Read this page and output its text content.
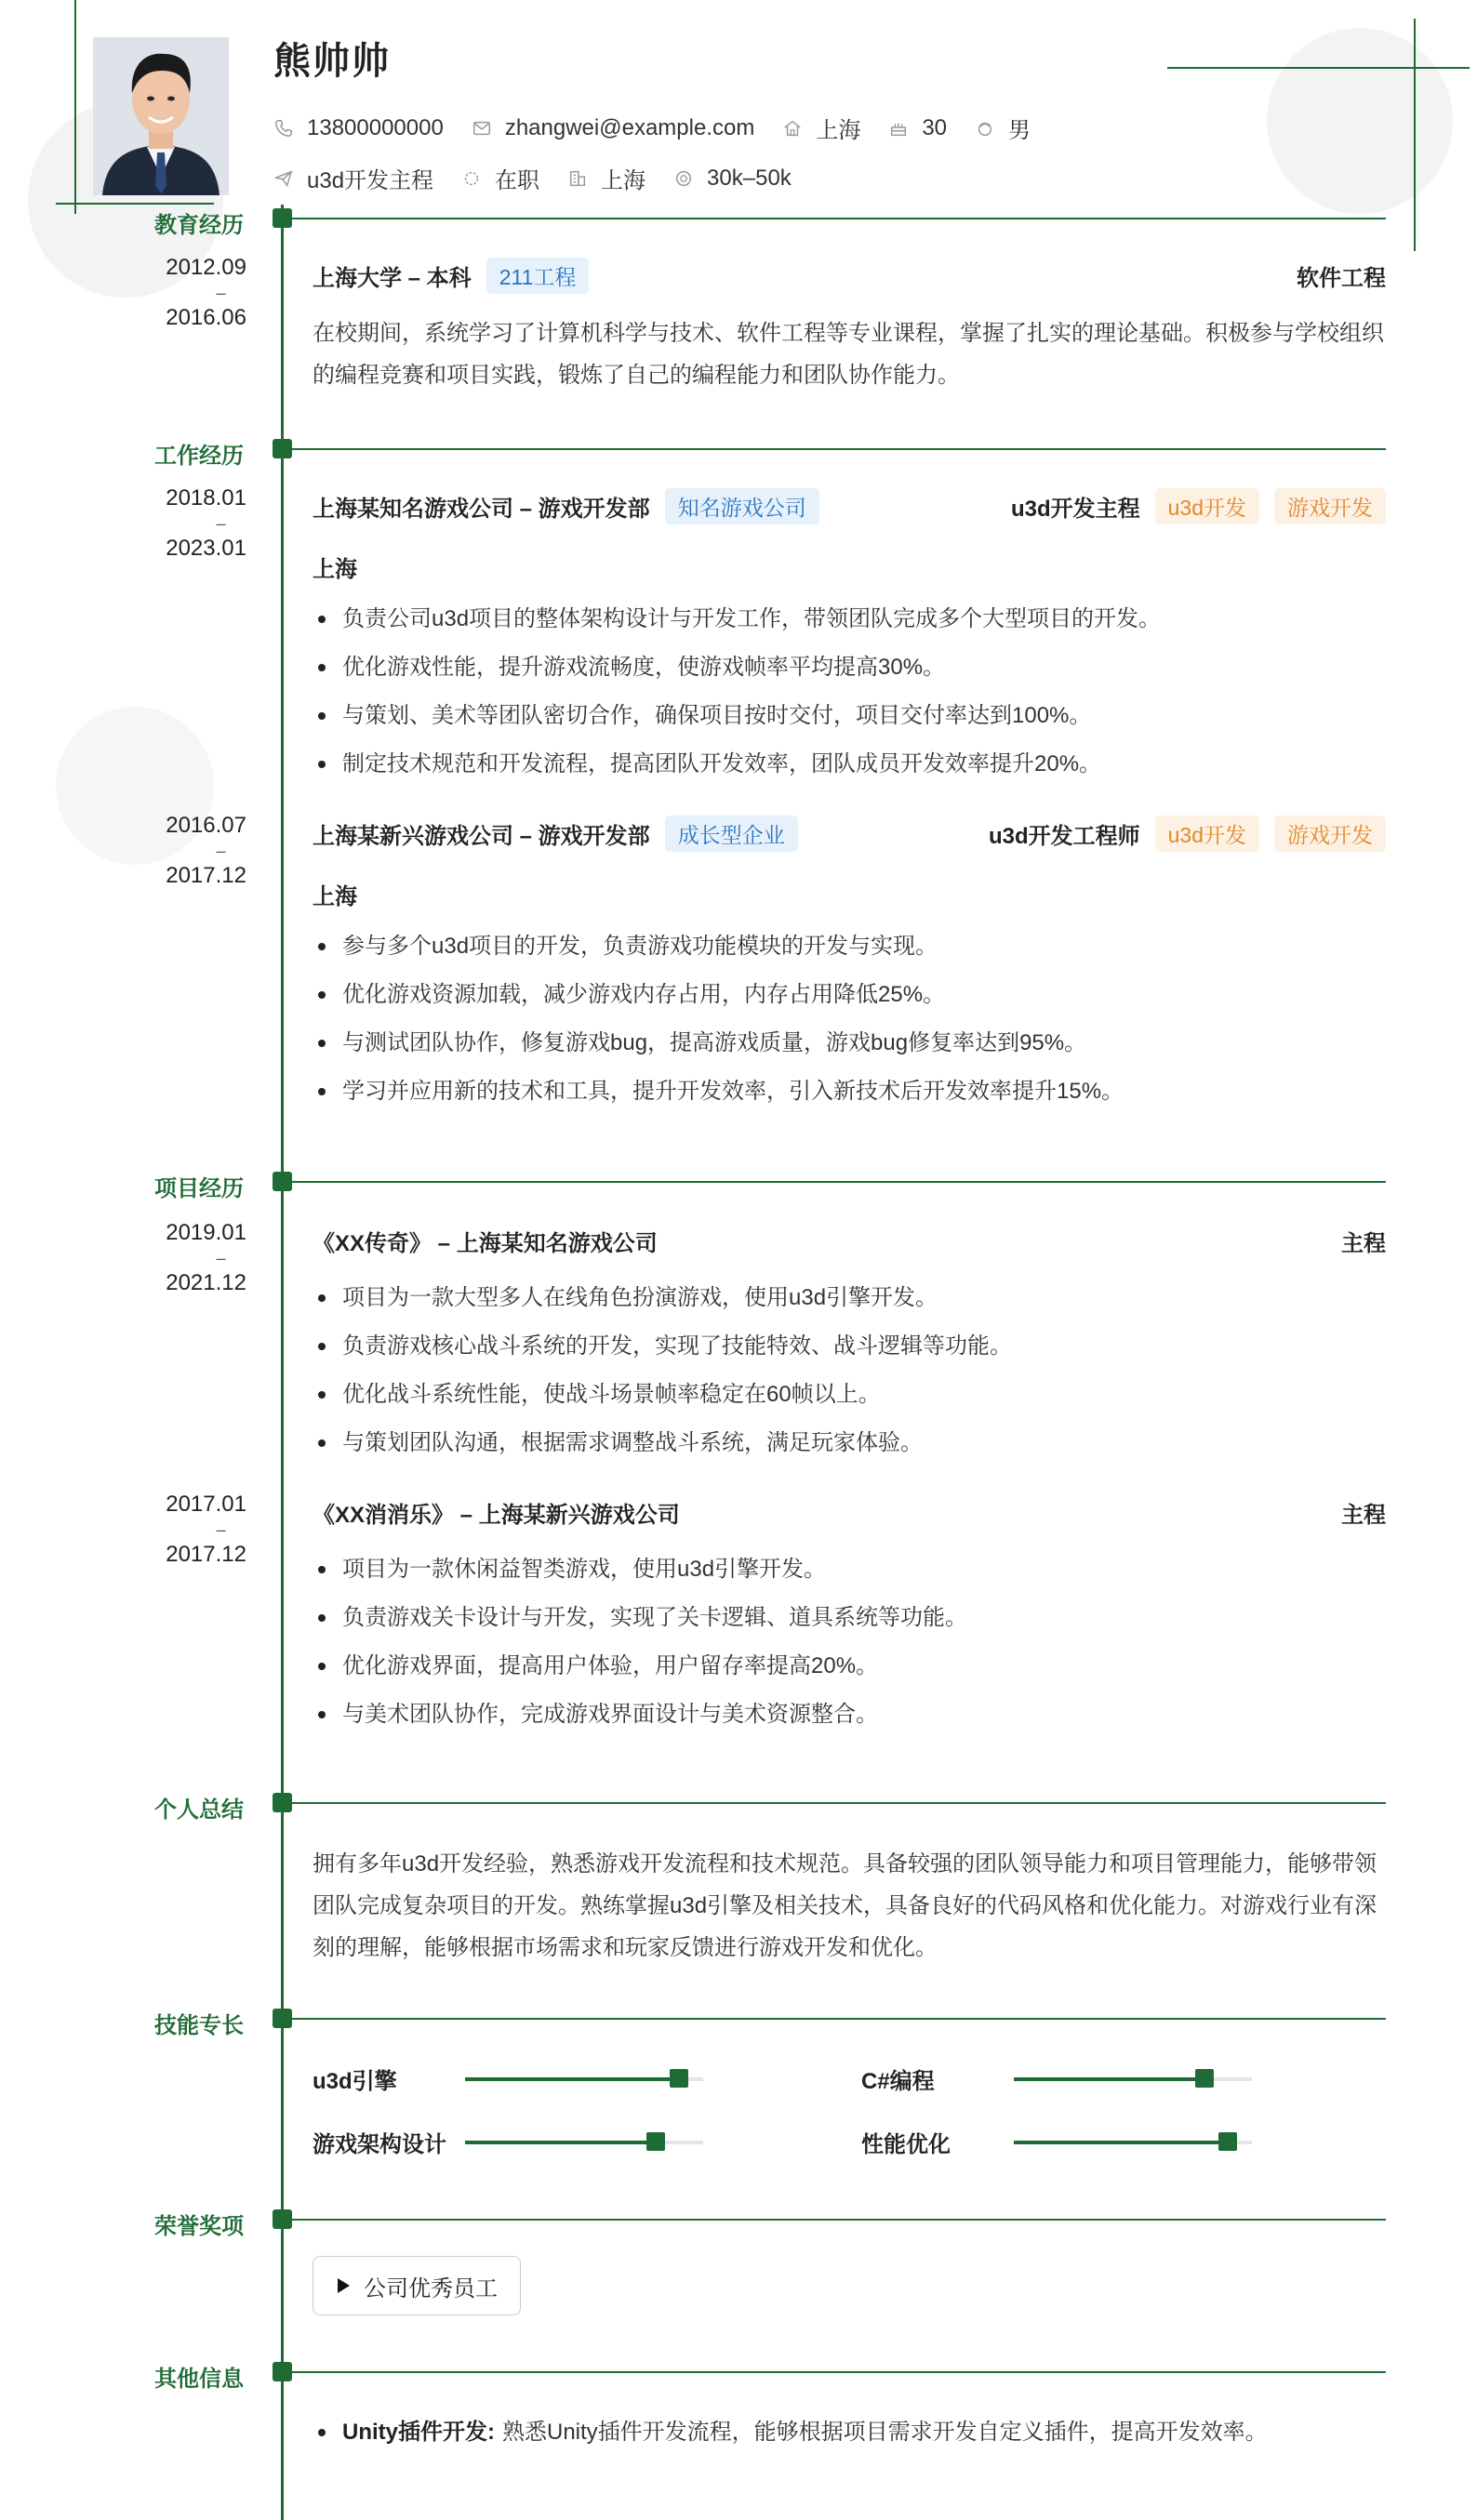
熊帅帅
13800000000	zhangwei@example.com	上海	30	男
u3d开发主程	在职	上海	30k–50k
教育经历
2012.09
–
2016.06
上海大学 – 本科	211工程	软件工程
在校期间，系统学习了计算机科学与技术、软件工程等专业课程，掌握了扎实的理论基础。积极参与学校组织的编程竞赛和项目实践，锻炼了自己的编程能力和团队协作能力。
工作经历
2018.01
–
2023.01
上海某知名游戏公司 – 游戏开发部	知名游戏公司	u3d开发主程	u3d开发	游戏开发
上海
负责公司u3d项目的整体架构设计与开发工作，带领团队完成多个大型项目的开发。
优化游戏性能，提升游戏流畅度，使游戏帧率平均提高30%。
与策划、美术等团队密切合作，确保项目按时交付，项目交付率达到100%。
制定技术规范和开发流程，提高团队开发效率，团队成员开发效率提升20%。
2016.07
–
2017.12
上海某新兴游戏公司 – 游戏开发部	成长型企业	u3d开发工程师	u3d开发	游戏开发
上海
参与多个u3d项目的开发，负责游戏功能模块的开发与实现。
优化游戏资源加载，减少游戏内存占用，内存占用降低25%。
与测试团队协作，修复游戏bug，提高游戏质量，游戏bug修复率达到95%。
学习并应用新的技术和工具，提升开发效率，引入新技术后开发效率提升15%。
项目经历
2019.01
–
2021.12
《XX传奇》 – 上海某知名游戏公司	主程
项目为一款大型多人在线角色扮演游戏，使用u3d引擎开发。
负责游戏核心战斗系统的开发，实现了技能特效、战斗逻辑等功能。
优化战斗系统性能，使战斗场景帧率稳定在60帧以上。
与策划团队沟通，根据需求调整战斗系统，满足玩家体验。
2017.01
–
2017.12
《XX消消乐》 – 上海某新兴游戏公司	主程
项目为一款休闲益智类游戏，使用u3d引擎开发。
负责游戏关卡设计与开发，实现了关卡逻辑、道具系统等功能。
优化游戏界面，提高用户体验，用户留存率提高20%。
与美术团队协作，完成游戏界面设计与美术资源整合。
个人总结
拥有多年u3d开发经验，熟悉游戏开发流程和技术规范。具备较强的团队领导能力和项目管理能力，能够带领团队完成复杂项目的开发。熟练掌握u3d引擎及相关技术，具备良好的代码风格和优化能力。对游戏行业有深刻的理解，能够根据市场需求和玩家反馈进行游戏开发和优化。
技能专长
u3d引擎	C#编程
游戏架构设计	性能优化
荣誉奖项
公司优秀员工
其他信息
Unity插件开发: 熟悉Unity插件开发流程，能够根据项目需求开发自定义插件，提高开发效率。
